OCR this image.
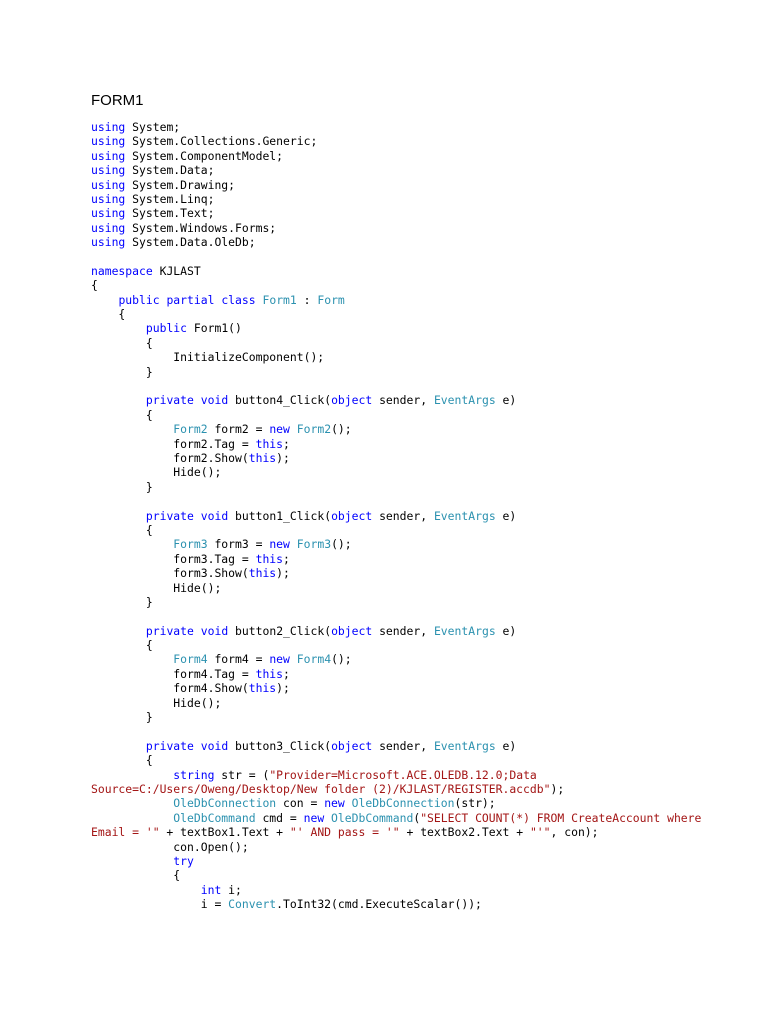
FORM1
using System;
using System.Collections.Generic;
using System.ComponentModel;
using System.Data;
using System.Drawing;
using System.Linq;
using System.Text;
using System.Windows.Forms;
using System.Data.OleDb;
namespace KJLAST
{
public partial class Form1 : Form
{
public Form1()
{
InitializeComponent();
}
private void button4_Click(object sender, EventArgs e)
{
Form2 form2 = new Form2();
form2.Tag = this;
form2.Show(this);
Hide();
}
private void button1_Click(object sender, EventArgs e)
{
Form3 form3 = new Form3();
form3.Tag = this;
form3.Show(this);
Hide();
}
private void button2_Click(object sender, EventArgs e)
{
Form4 form4 = new Form4();
form4.Tag = this;
form4.Show(this);
Hide();
}
private void button3_Click(object sender, EventArgs e)
{
string str = ("Provider=Microsoft.ACE.OLEDB.12.0;Data
Source=C:/Users/Oweng/Desktop/New folder (2)/KJLAST/REGISTER.accdb");
OleDbConnection con = new OleDbConnection(str);
OleDbCommand cmd = new OleDbCommand("SELECT COUNT(*) FROM CreateAccount where
Email = '" + textBox1.Text + "' AND pass = '" + textBox2.Text + "'", con);
con.Open();
try
{
int i;
i = Convert.ToInt32(cmd.ExecuteScalar());
